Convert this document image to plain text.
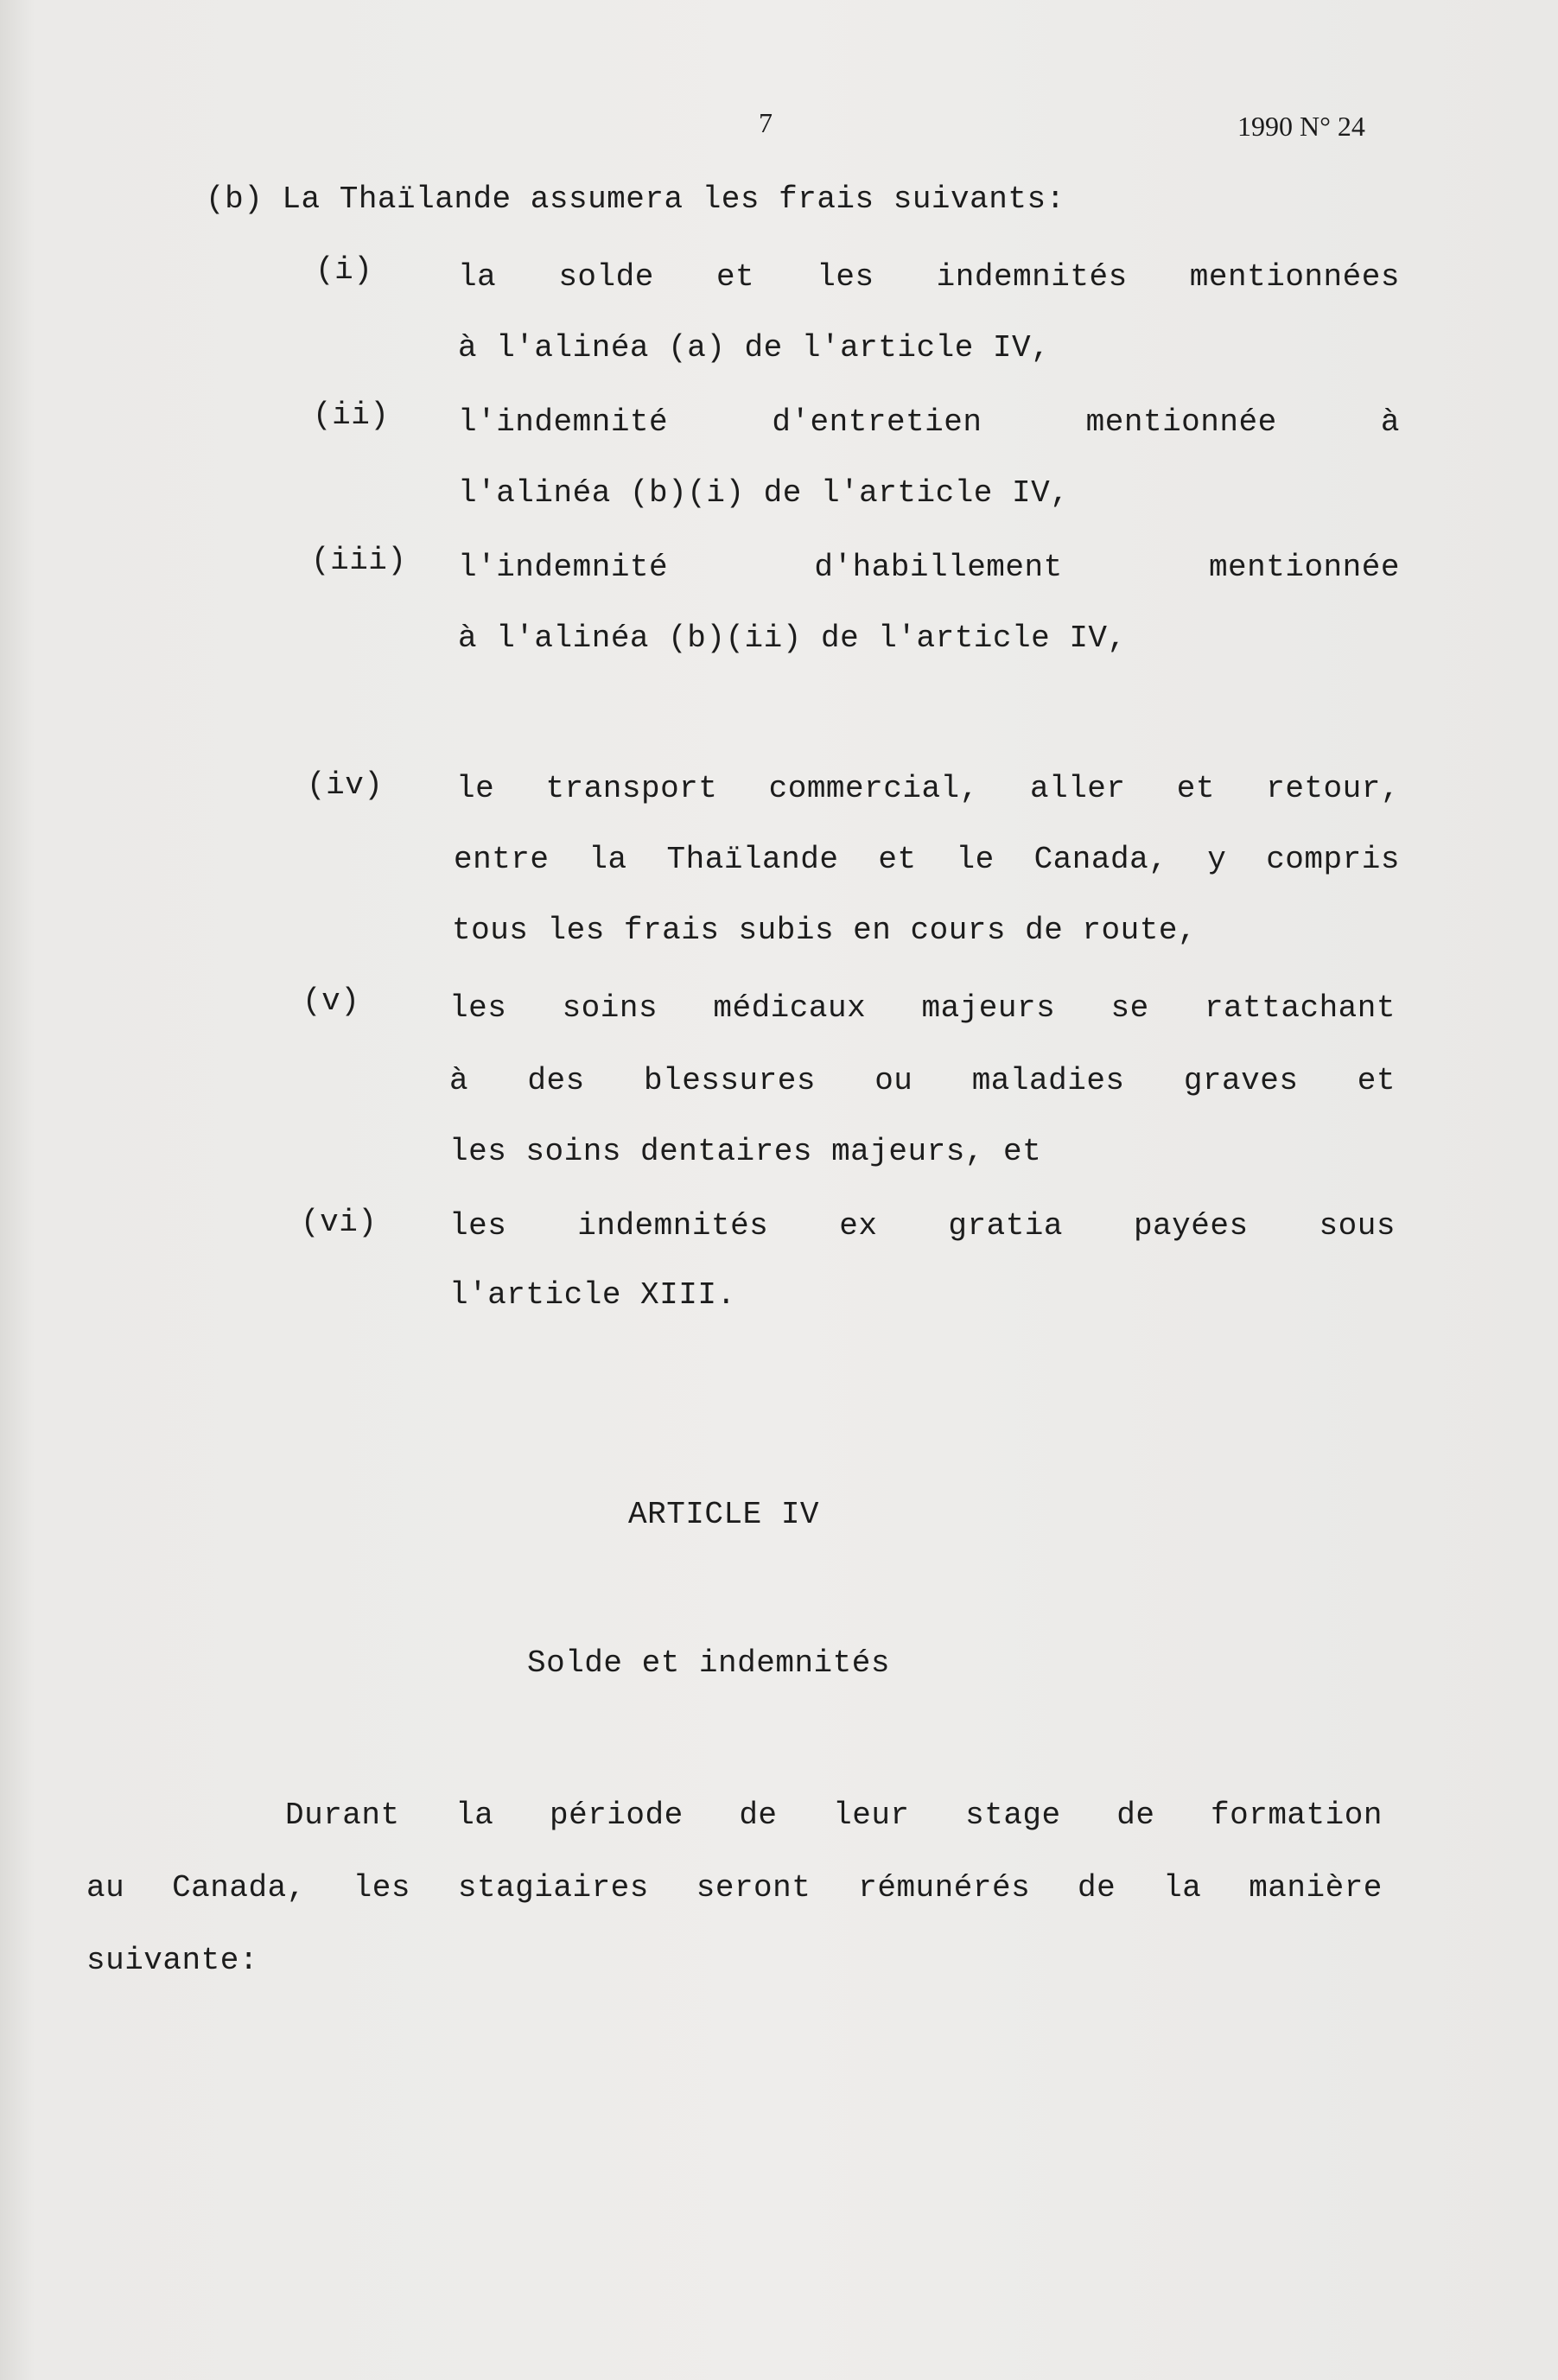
7	1990 N° 24
(b) La Thaïlande assumera les frais suivants:
(i)	la solde et les indemnités mentionnées
à l'alinéa (a) de l'article IV,
(ii) l'indemnité	d'entretien	mentionnée	à
l'alinéa (b)(i) de l'article IV,
(iii) l'indemnité	d'habillement	mentionnée
à l'alinéa (b)(ii) de l'article IV,
(iv) le transport commercial, aller et retour,
entre la Thaïlande et le Canada, y compris
tous les frais subis en cours de route,
(v)	les soins médicaux majeurs se rattachant
à des blessures ou maladies graves et
les soins dentaires majeurs, et
(vi) les indemnités ex gratia payées sous
l'article XIII.
ARTICLE IV
Solde et indemnités
Durant la période de leur stage de formation
au Canada, les stagiaires seront rémunérés de la manière
suivante:
